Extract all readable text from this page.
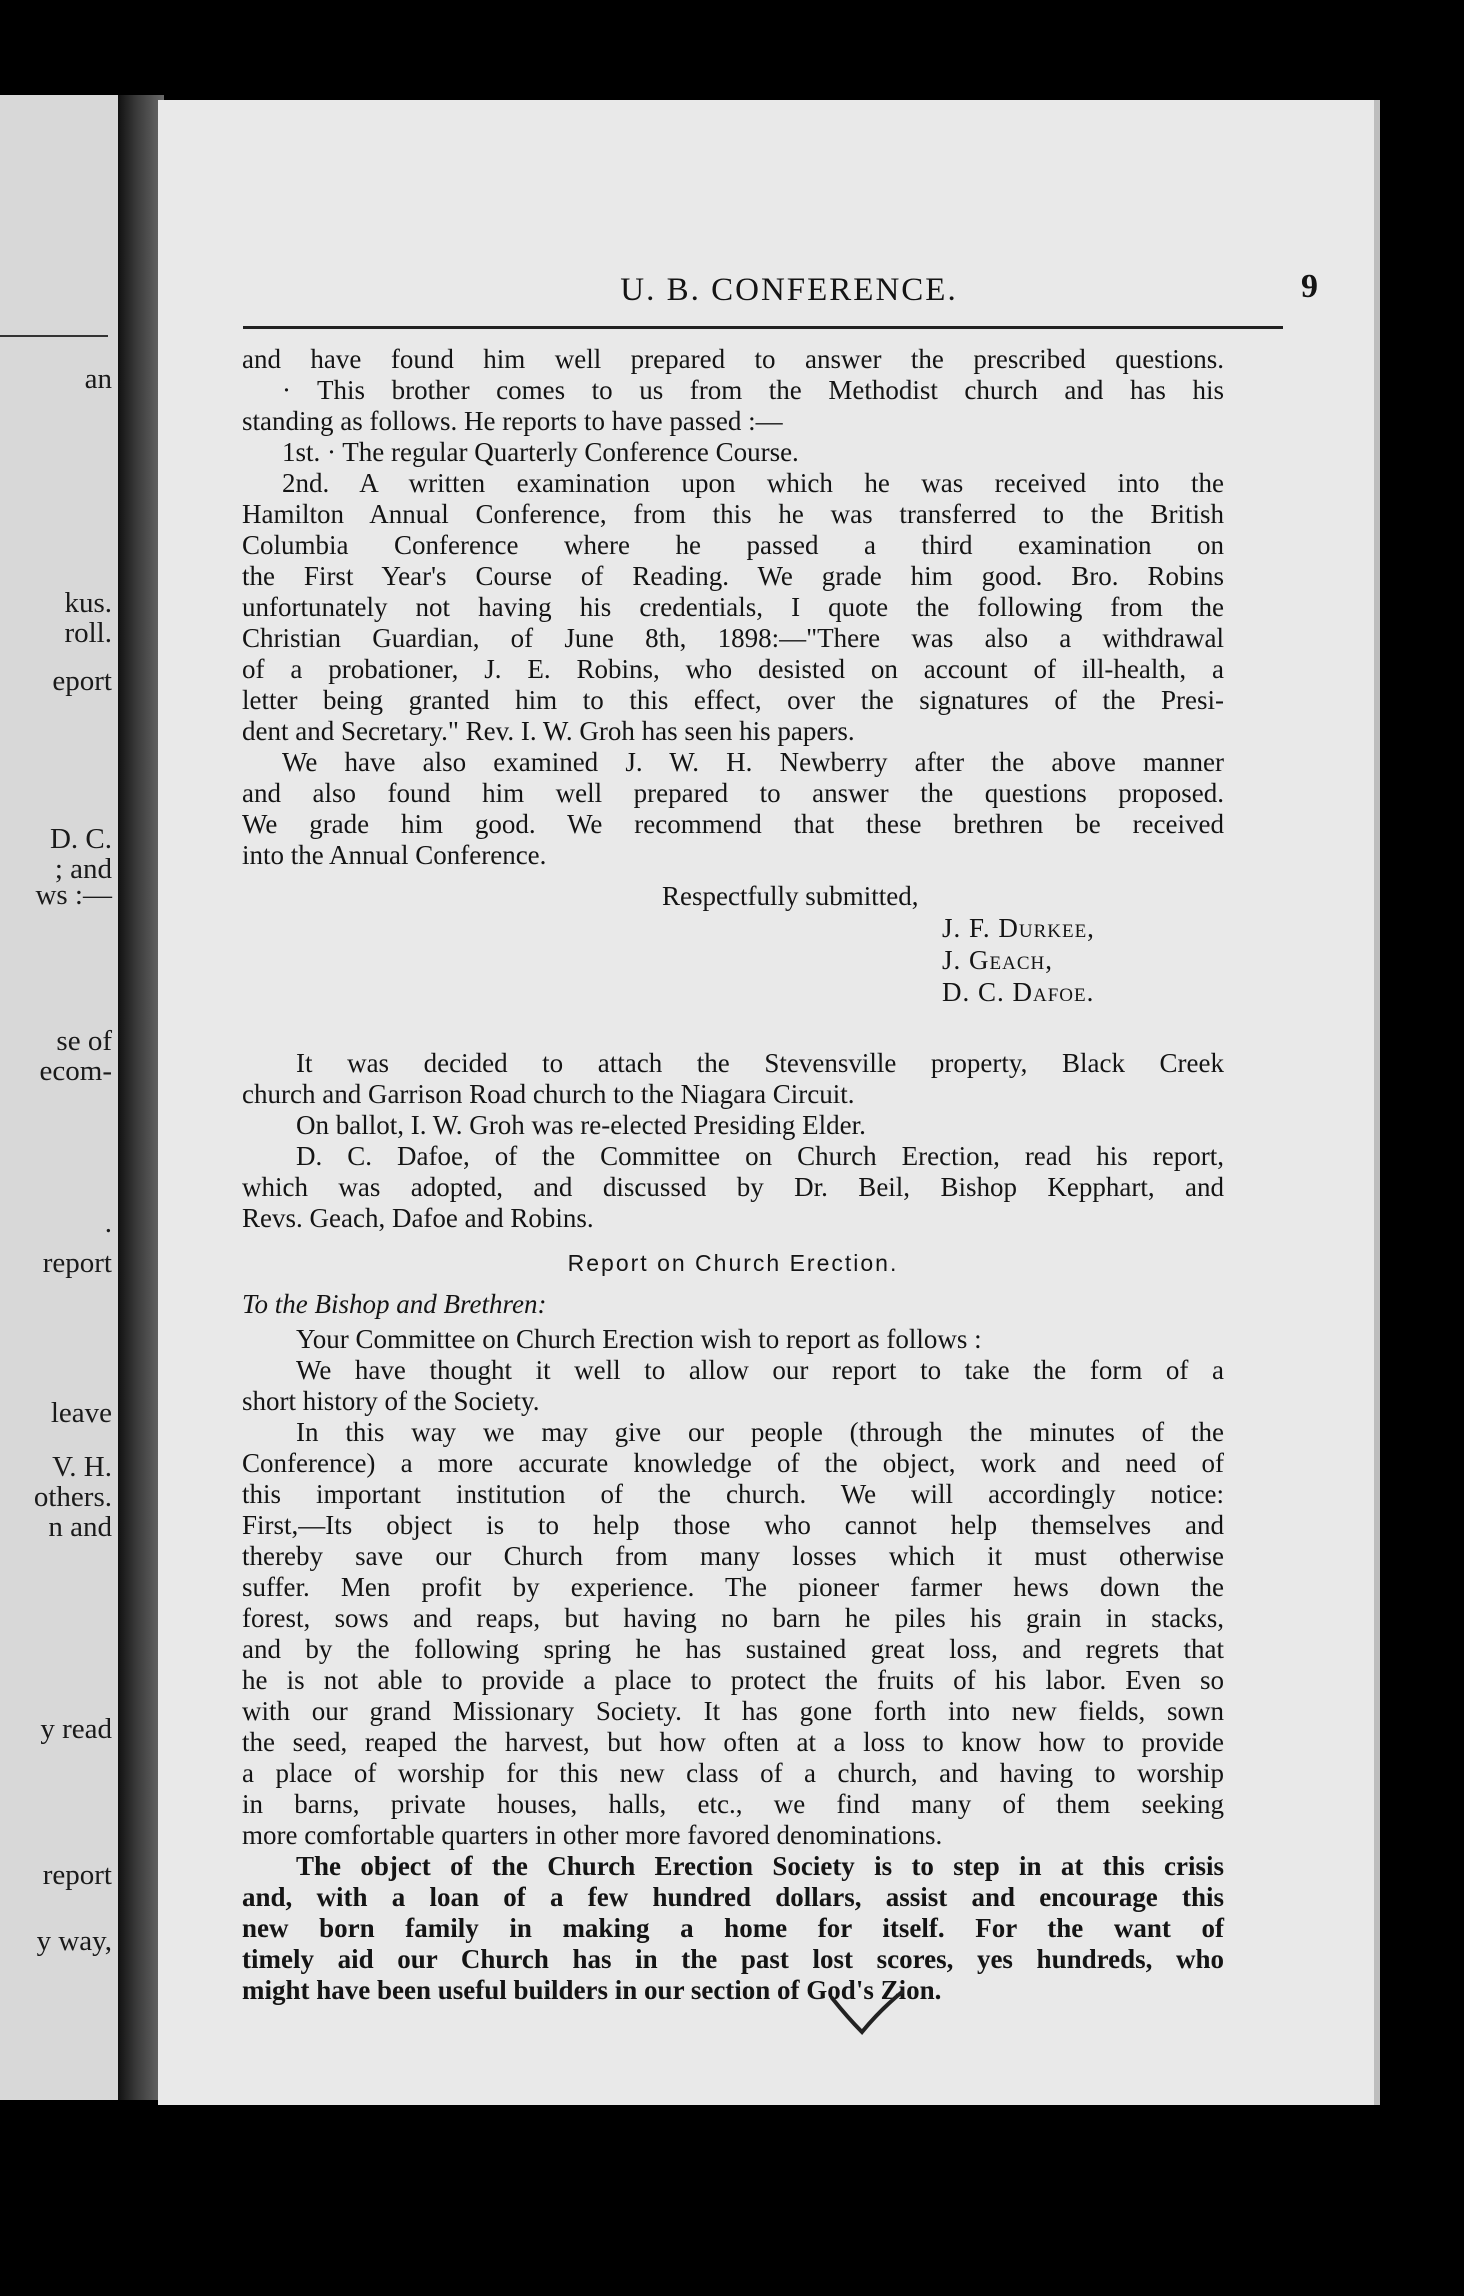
an
kus.
roll.
eport
D. C.
; and
ws :—
se of
ecom-
.
report
leave
V. H.
others.
n and
y read
report
y way,
U. B. CONFERENCE.	9
and have found him well prepared to answer the prescribed questions.
· This brother comes to us from the Methodist church and has his
standing as follows. He reports to have passed :—
1st. · The regular Quarterly Conference Course.
2nd. A written examination upon which he was received into the
Hamilton Annual Conference, from this he was transferred to the British
Columbia Conference where he passed a third examination on
the First Year's Course of Reading. We grade him good. Bro. Robins
unfortunately not having his credentials, I quote the following from the
Christian Guardian, of June 8th, 1898:—"There was also a withdrawal
of a probationer, J. E. Robins, who desisted on account of ill-health, a
letter being granted him to this effect, over the signatures of the Presi-
dent and Secretary." Rev. I. W. Groh has seen his papers.
We have also examined J. W. H. Newberry after the above manner
and also found him well prepared to answer the questions proposed.
We grade him good. We recommend that these brethren be received
into the Annual Conference.
Respectfully submitted,
J. F. Durkee,
J. Geach,
D. C. Dafoe.
It was decided to attach the Stevensville property, Black Creek
church and Garrison Road church to the Niagara Circuit.
On ballot, I. W. Groh was re-elected Presiding Elder.
D. C. Dafoe, of the Committee on Church Erection, read his report,
which was adopted, and discussed by Dr. Beil, Bishop Kepphart, and
Revs. Geach, Dafoe and Robins.
Report on Church Erection.
To the Bishop and Brethren:
Your Committee on Church Erection wish to report as follows :
We have thought it well to allow our report to take the form of a
short history of the Society.
In this way we may give our people (through the minutes of the
Conference) a more accurate knowledge of the object, work and need of
this important institution of the church. We will accordingly notice:
First,—Its object is to help those who cannot help themselves and
thereby save our Church from many losses which it must otherwise
suffer. Men profit by experience. The pioneer farmer hews down the
forest, sows and reaps, but having no barn he piles his grain in stacks,
and by the following spring he has sustained great loss, and regrets that
he is not able to provide a place to protect the fruits of his labor. Even so
with our grand Missionary Society. It has gone forth into new fields, sown
the seed, reaped the harvest, but how often at a loss to know how to provide
a place of worship for this new class of a church, and having to worship
in barns, private houses, halls, etc., we find many of them seeking
more comfortable quarters in other more favored denominations.
The object of the Church Erection Society is to step in at this crisis
and, with a loan of a few hundred dollars, assist and encourage this
new born family in making a home for itself. For the want of
timely aid our Church has in the past lost scores, yes hundreds, who
might have been useful builders in our section of God's Zion.
